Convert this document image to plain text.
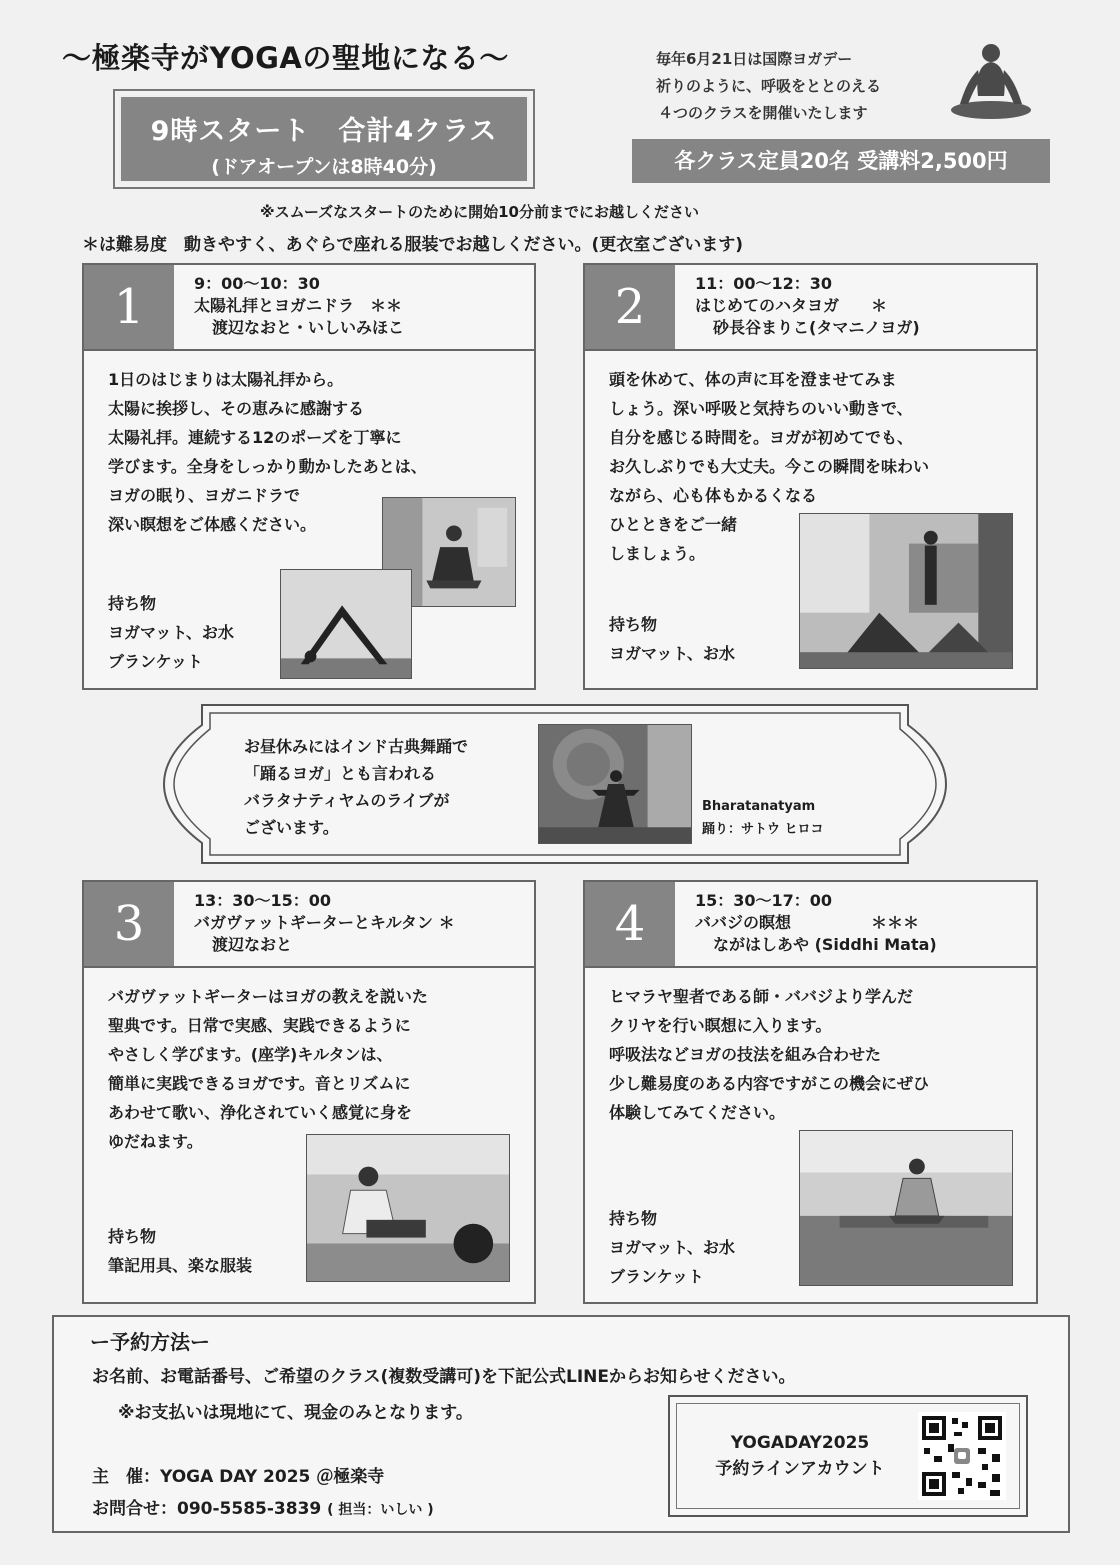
～極楽寺がYOGAの聖地になる～	毎年6月21日は国際ヨガデー
祈りのように、呼吸をととのえる
４つのクラスを開催いたします
9時スタート　合計4クラス
(ドアオープンは8時40分)	各クラス定員20名 受講料2,500円
※スムーズなスタートのために開始10分前までにお越しください
＊は難易度　動きやすく、あぐらで座れる服装でお越しください。(更衣室ございます)
1	9：00〜10：30
太陽礼拝とヨガニドラ　＊＊
渡辺なおと・いしいみほこ
1日のはじまりは太陽礼拝から。
太陽に挨拶し、その恵みに感謝する
太陽礼拝。連続する12のポーズを丁寧に
学びます。全身をしっかり動かしたあとは、
ヨガの眠り、ヨガニドラで
深い瞑想をご体感ください。
持ち物
ヨガマット、お水
ブランケット
2	11：00〜12：30
はじめてのハタヨガ　　＊
砂長谷まりこ(タマニノヨガ)
頭を休めて、体の声に耳を澄ませてみま
しょう。深い呼吸と気持ちのいい動きで、
自分を感じる時間を。ヨガが初めてでも、
お久しぶりでも大丈夫。今この瞬間を味わい
ながら、心も体もかるくなる
ひとときをご一緒
しましょう。
持ち物
ヨガマット、お水
お昼休みにはインド古典舞踊で
「踊るヨガ」とも言われる
バラタナティヤムのライブが
ございます。
Bharatanatyam
踊り：サトウ ヒロコ
3	13：30〜15：00
バガヴァットギーターとキルタン ＊
渡辺なおと
バガヴァットギーターはヨガの教えを説いた
聖典です。日常で実感、実践できるように
やさしく学びます。(座学)キルタンは、
簡単に実践できるヨガです。音とリズムに
あわせて歌い、浄化されていく感覚に身を
ゆだねます。
持ち物
筆記用具、楽な服装
4	15：30〜17：00
ババジの瞑想　　　　　＊＊＊
ながはしあや (Siddhi Mata)
ヒマラヤ聖者である師・ババジより学んだ
クリヤを行い瞑想に入ります。
呼吸法などヨガの技法を組み合わせた
少し難易度のある内容ですがこの機会にぜひ
体験してみてください。
持ち物
ヨガマット、お水
ブランケット
ー予約方法ー
お名前、お電話番号、ご希望のクラス(複数受講可)を下記公式LINEからお知らせください。
※お支払いは現地にて、現金のみとなります。
主　催：YOGA DAY 2025 ＠極楽寺
お問合せ：090-5585-3839 ( 担当：いしい )
YOGADAY2025
予約ラインアカウント
